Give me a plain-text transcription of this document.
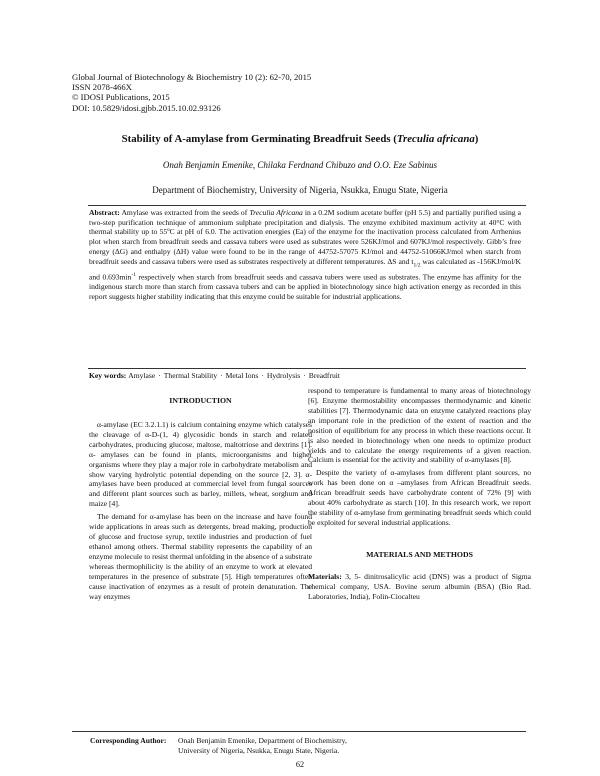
Global Journal of Biotechnology & Biochemistry 10 (2): 62-70, 2015
ISSN 2078-466X
© IDOSI Publications, 2015
DOI: 10.5829/idosi.gjbb.2015.10.02.93126
Stability of A-amylase from Germinating Breadfruit Seeds (Treculia africana)
Onah Benjamin Emenike, Chilaka Ferdnand Chibuzo and O.O. Eze Sabinus
Department of Biochemistry, University of Nigeria, Nsukka, Enugu State, Nigeria
Abstract: Amylase was extracted from the seeds of Treculia Africana in a 0.2M sodium acetate buffer (pH 5.5) and partially purified using a two-step purification technique of ammonium sulphate precipitation and dialysis. The enzyme exhibited maximum activity at 40°C with thermal stability up to 55ºC at pH of 6.0. The activation energies (Ea) of the enzyme for the inactivation process calculated from Arrhenius plot when starch from breadfruit seeds and cassava tubers were used as substrates were 526KJ/mol and 607KJ/mol respectively. Gibb’s free energy (ΔG) and enthalpy (ΔH) value were found to be in the range of 44752-57075 KJ/mol and 44752-51066KJ/mol when starch from breadfruit seeds and cassava tubers were used as substrates respectively at different temperatures. ΔS and $t_{1/2}$ was calculated as -156KJ/mol/K and $0.693\min^{-1}$ respectively when starch from breadfruit seeds and cassava tubers were used as substrates. The enzyme has affinity for the indigenous starch more than starch from cassava tubers and can be applied in biotechnology since high activation energy as recorded in this report suggests higher stability indicating that this enzyme could be suitable for industrial applications.
Key words: Amylase · Thermal Stability · Metal Ions · Hydrolysis · Breadfruit
INTRODUCTION

α-amylase (EC 3.2.1.1) is calcium containing enzyme which catalyses the cleavage of α-D-(1, 4) glycosidic bonds in starch and related carbohydrates, producing glucose, maltose, maltotriose and dextrins [1]. α- amylases can be found in plants, microorganisms and higher organisms where they play a major role in carbohydrate metabolism and show varying hydrolytic potential depending on the source [2, 3]. α-amylases have been produced at commercial level from fungal sources and different plant sources such as barley, millets, wheat, sorghum and maize [4].

The demand for α-amylase has been on the increase and have found wide applications in areas such as detergents, bread making, production of glucose and fructose syrup, textile industries and production of fuel ethanol among others. Thermal stability represents the capability of an enzyme molecule to resist thermal unfolding in the absence of a substrate whereas thermophilicity is the ability of an enzyme to work at elevated temperatures in the presence of substrate [5]. High temperatures often cause inactivation of enzymes as a result of protein denaturation. The way enzymes

respond to temperature is fundamental to many areas of biotechnology [6]. Enzyme thermostability encompasses thermodynamic and kinetic stabilities [7]. Thermodynamic data on enzyme catalyzed reactions play an important role in the prediction of the extent of reaction and the position of equilibrium for any process in which these reactions occur. It is also needed in biotechnology when one needs to optimize product yields and to calculate the energy requirements of a given reaction. Calcium is essential for the activity and stability of α-amylases [8].

Despite the variety of α-amylases from different plant sources, no work has been done on α –amylases from African Breadfruit seeds. African breadfruit seeds have carbohydrate content of 72% [9] with about 40% carbohydrate as starch [10]. In this research work, we report the stability of α-amylase from germinating breadfruit seeds which could be exploited for several industrial applications.

MATERIALS AND METHODS

Materials: 3, 5- dinitrosalicylic acid (DNS) was a product of Sigma chemical company, USA. Bovine serum albumin (BSA) (Bio Rad. Laboratories, India), Folin-Ciocalteu

Corresponding Author: Onah Benjamin Emenike, Department of Biochemistry,
University of Nigeria, Nsukka, Enugu State, Nigeria.
62
